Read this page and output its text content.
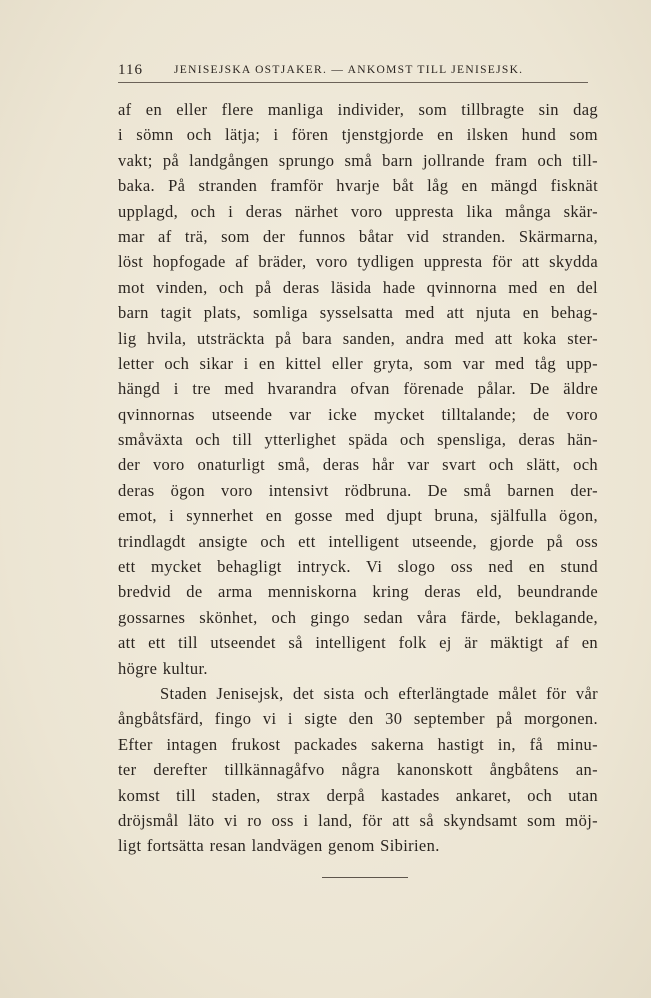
116	JENISEJSKA OSTJAKER. — ANKOMST TILL JENISEJSK.
af en eller flere manliga individer, som tillbragte sin dag
i sömn och lätja; i fören tjenstgjorde en ilsken hund som
vakt; på landgången sprungo små barn jollrande fram och till-
baka. På stranden framför hvarje båt låg en mängd fisknät
upplagd, och i deras närhet voro uppresta lika många skär-
mar af trä, som der funnos båtar vid stranden. Skärmarna,
löst hopfogade af bräder, voro tydligen uppresta för att skydda
mot vinden, och på deras läsida hade qvinnorna med en del
barn tagit plats, somliga sysselsatta med att njuta en behag-
lig hvila, utsträckta på bara sanden, andra med att koka ster-
letter och sikar i en kittel eller gryta, som var med tåg upp-
hängd i tre med hvarandra ofvan förenade pålar. De äldre
qvinnornas utseende var icke mycket tilltalande; de voro
småväxta och till ytterlighet späda och spensliga, deras hän-
der voro onaturligt små, deras hår var svart och slätt, och
deras ögon voro intensivt rödbruna. De små barnen der-
emot, i synnerhet en gosse med djupt bruna, själfulla ögon,
trindlagdt ansigte och ett intelligent utseende, gjorde på oss
ett mycket behagligt intryck. Vi slogo oss ned en stund
bredvid de arma menniskorna kring deras eld, beundrande
gossarnes skönhet, och gingo sedan våra färde, beklagande,
att ett till utseendet så intelligent folk ej är mäktigt af en
högre kultur.
Staden Jenisejsk, det sista och efterlängtade målet för vår
ångbåtsfärd, fingo vi i sigte den 30 september på morgonen.
Efter intagen frukost packades sakerna hastigt in, få minu-
ter derefter tillkännagåfvo några kanonskott ångbåtens an-
komst till staden, strax derpå kastades ankaret, och utan
dröjsmål läto vi ro oss i land, för att så skyndsamt som möj-
ligt fortsätta resan landvägen genom Sibirien.
